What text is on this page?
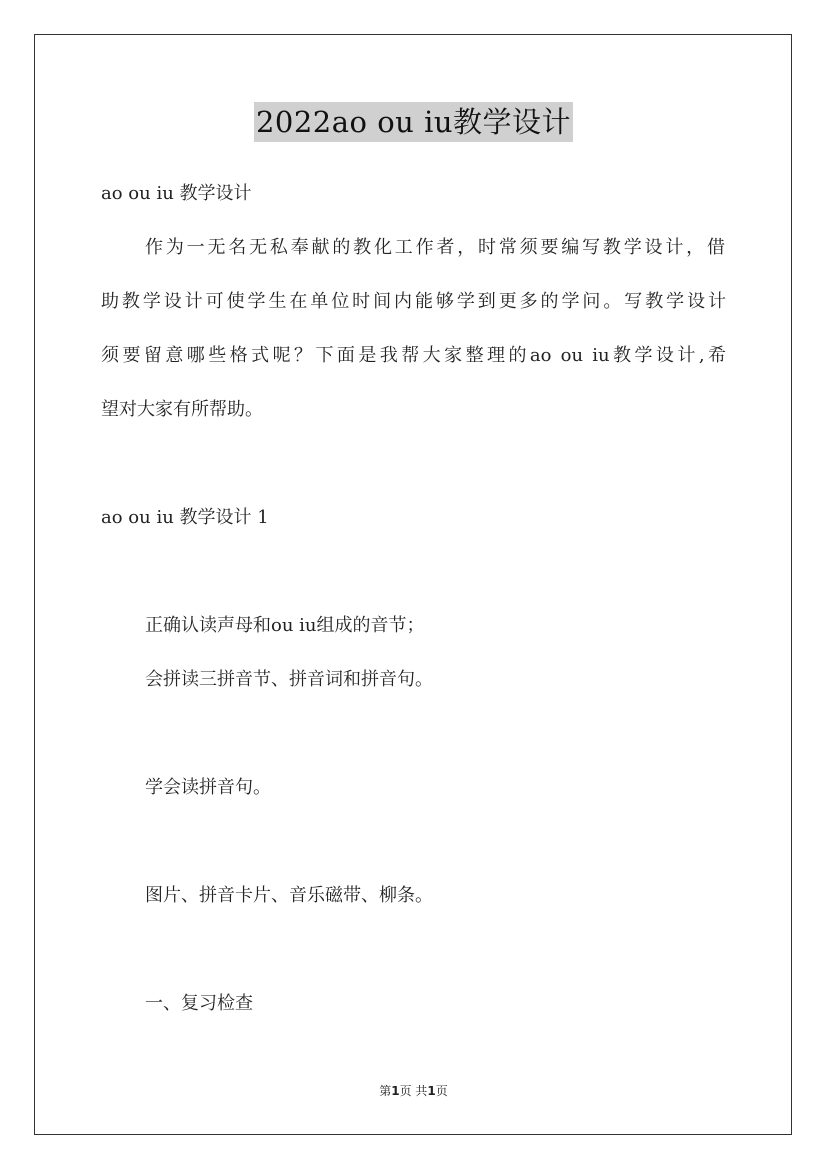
2022ao ou iu教学设计
ao ou iu 教学设计
作为一无名无私奉献的教化工作者，时常须要编写教学设计，借
助教学设计可使学生在单位时间内能够学到更多的学问。写教学设计
须要留意哪些格式呢？下面是我帮大家整理的ao ou iu教学设计,希
望对大家有所帮助。
ao ou iu 教学设计 1
正确认读声母和ou iu组成的音节；
会拼读三拼音节、拼音词和拼音句。
学会读拼音句。
图片、拼音卡片、音乐磁带、柳条。
一、复习检查
第1页 共1页
